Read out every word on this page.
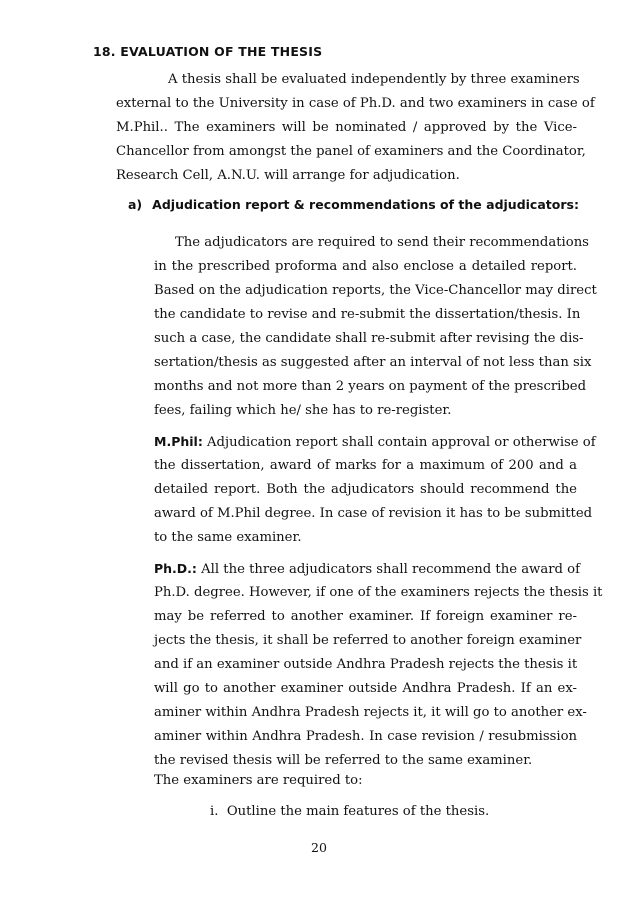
18. EVALUATION OF THE THESIS
A thesis shall be evaluated independently by three examiners
external to the University in case of Ph.D. and two examiners in case of
M.Phil.. The examiners will be nominated / approved by the Vice-
Chancellor from amongst the panel of examiners and the Coordinator,
Research Cell, A.N.U. will arrange for adjudication.
a) Adjudication report & recommendations of the adjudicators:
The adjudicators are required to send their recommendations
in the prescribed proforma and also enclose a detailed report.
Based on the adjudication reports, the Vice-Chancellor may direct
the candidate to revise and re-submit the dissertation/thesis. In
such a case, the candidate shall re-submit after revising the dis-
sertation/thesis as suggested after an interval of not less than six
months and not more than 2 years on payment of the prescribed
fees, failing which he/ she has to re-register.
M.Phil: Adjudication report shall contain approval or otherwise of
the dissertation, award of marks for a maximum of 200 and a
detailed report. Both the adjudicators should recommend the
award of M.Phil degree. In case of revision it has to be submitted
to the same examiner.
Ph.D.: All the three adjudicators shall recommend the award of
Ph.D. degree. However, if one of the examiners rejects the thesis it
may be referred to another examiner. If foreign examiner re-
jects the thesis, it shall be referred to another foreign examiner
and if an examiner outside Andhra Pradesh rejects the thesis it
will go to another examiner outside Andhra Pradesh. If an ex-
aminer within Andhra Pradesh rejects it, it will go to another ex-
aminer within Andhra Pradesh. In case revision / resubmission
the revised thesis will be referred to the same examiner.
The examiners are required to:
i. Outline the main features of the thesis.
20
